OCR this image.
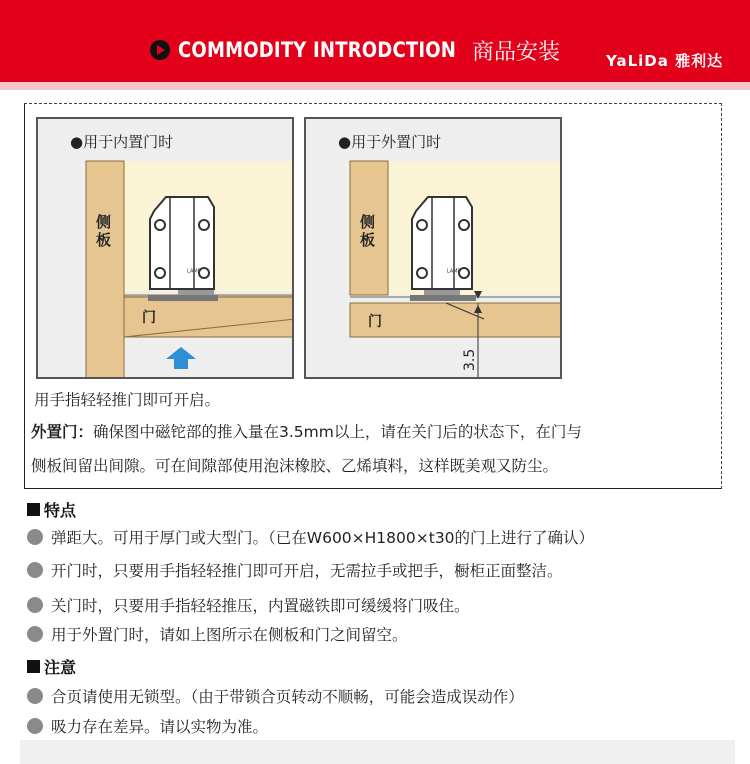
COMMODITY INTRODCTION 商品安装	YaLiDa 雅利达
LAMP
●用于内置门时
侧板
门
LAMP
●用于外置门时
侧板
门
3.5
用手指轻轻推门即可开启。
外置门：确保图中磁铊部的推入量在3.5mm以上，请在关门后的状态下，在门与
侧板间留出间隙。可在间隙部使用泡沫橡胶、乙烯填料，这样既美观又防尘。
特点
弹距大。可用于厚门或大型门。（已在W600×H1800×t30的门上进行了确认）
开门时，只要用手指轻轻推门即可开启，无需拉手或把手，橱柜正面整洁。
关门时，只要用手指轻轻推压，内置磁铁即可缓缓将门吸住。
用于外置门时，请如上图所示在侧板和门之间留空。
注意
合页请使用无锁型。（由于带锁合页转动不顺畅，可能会造成误动作）
吸力存在差异。请以实物为准。
